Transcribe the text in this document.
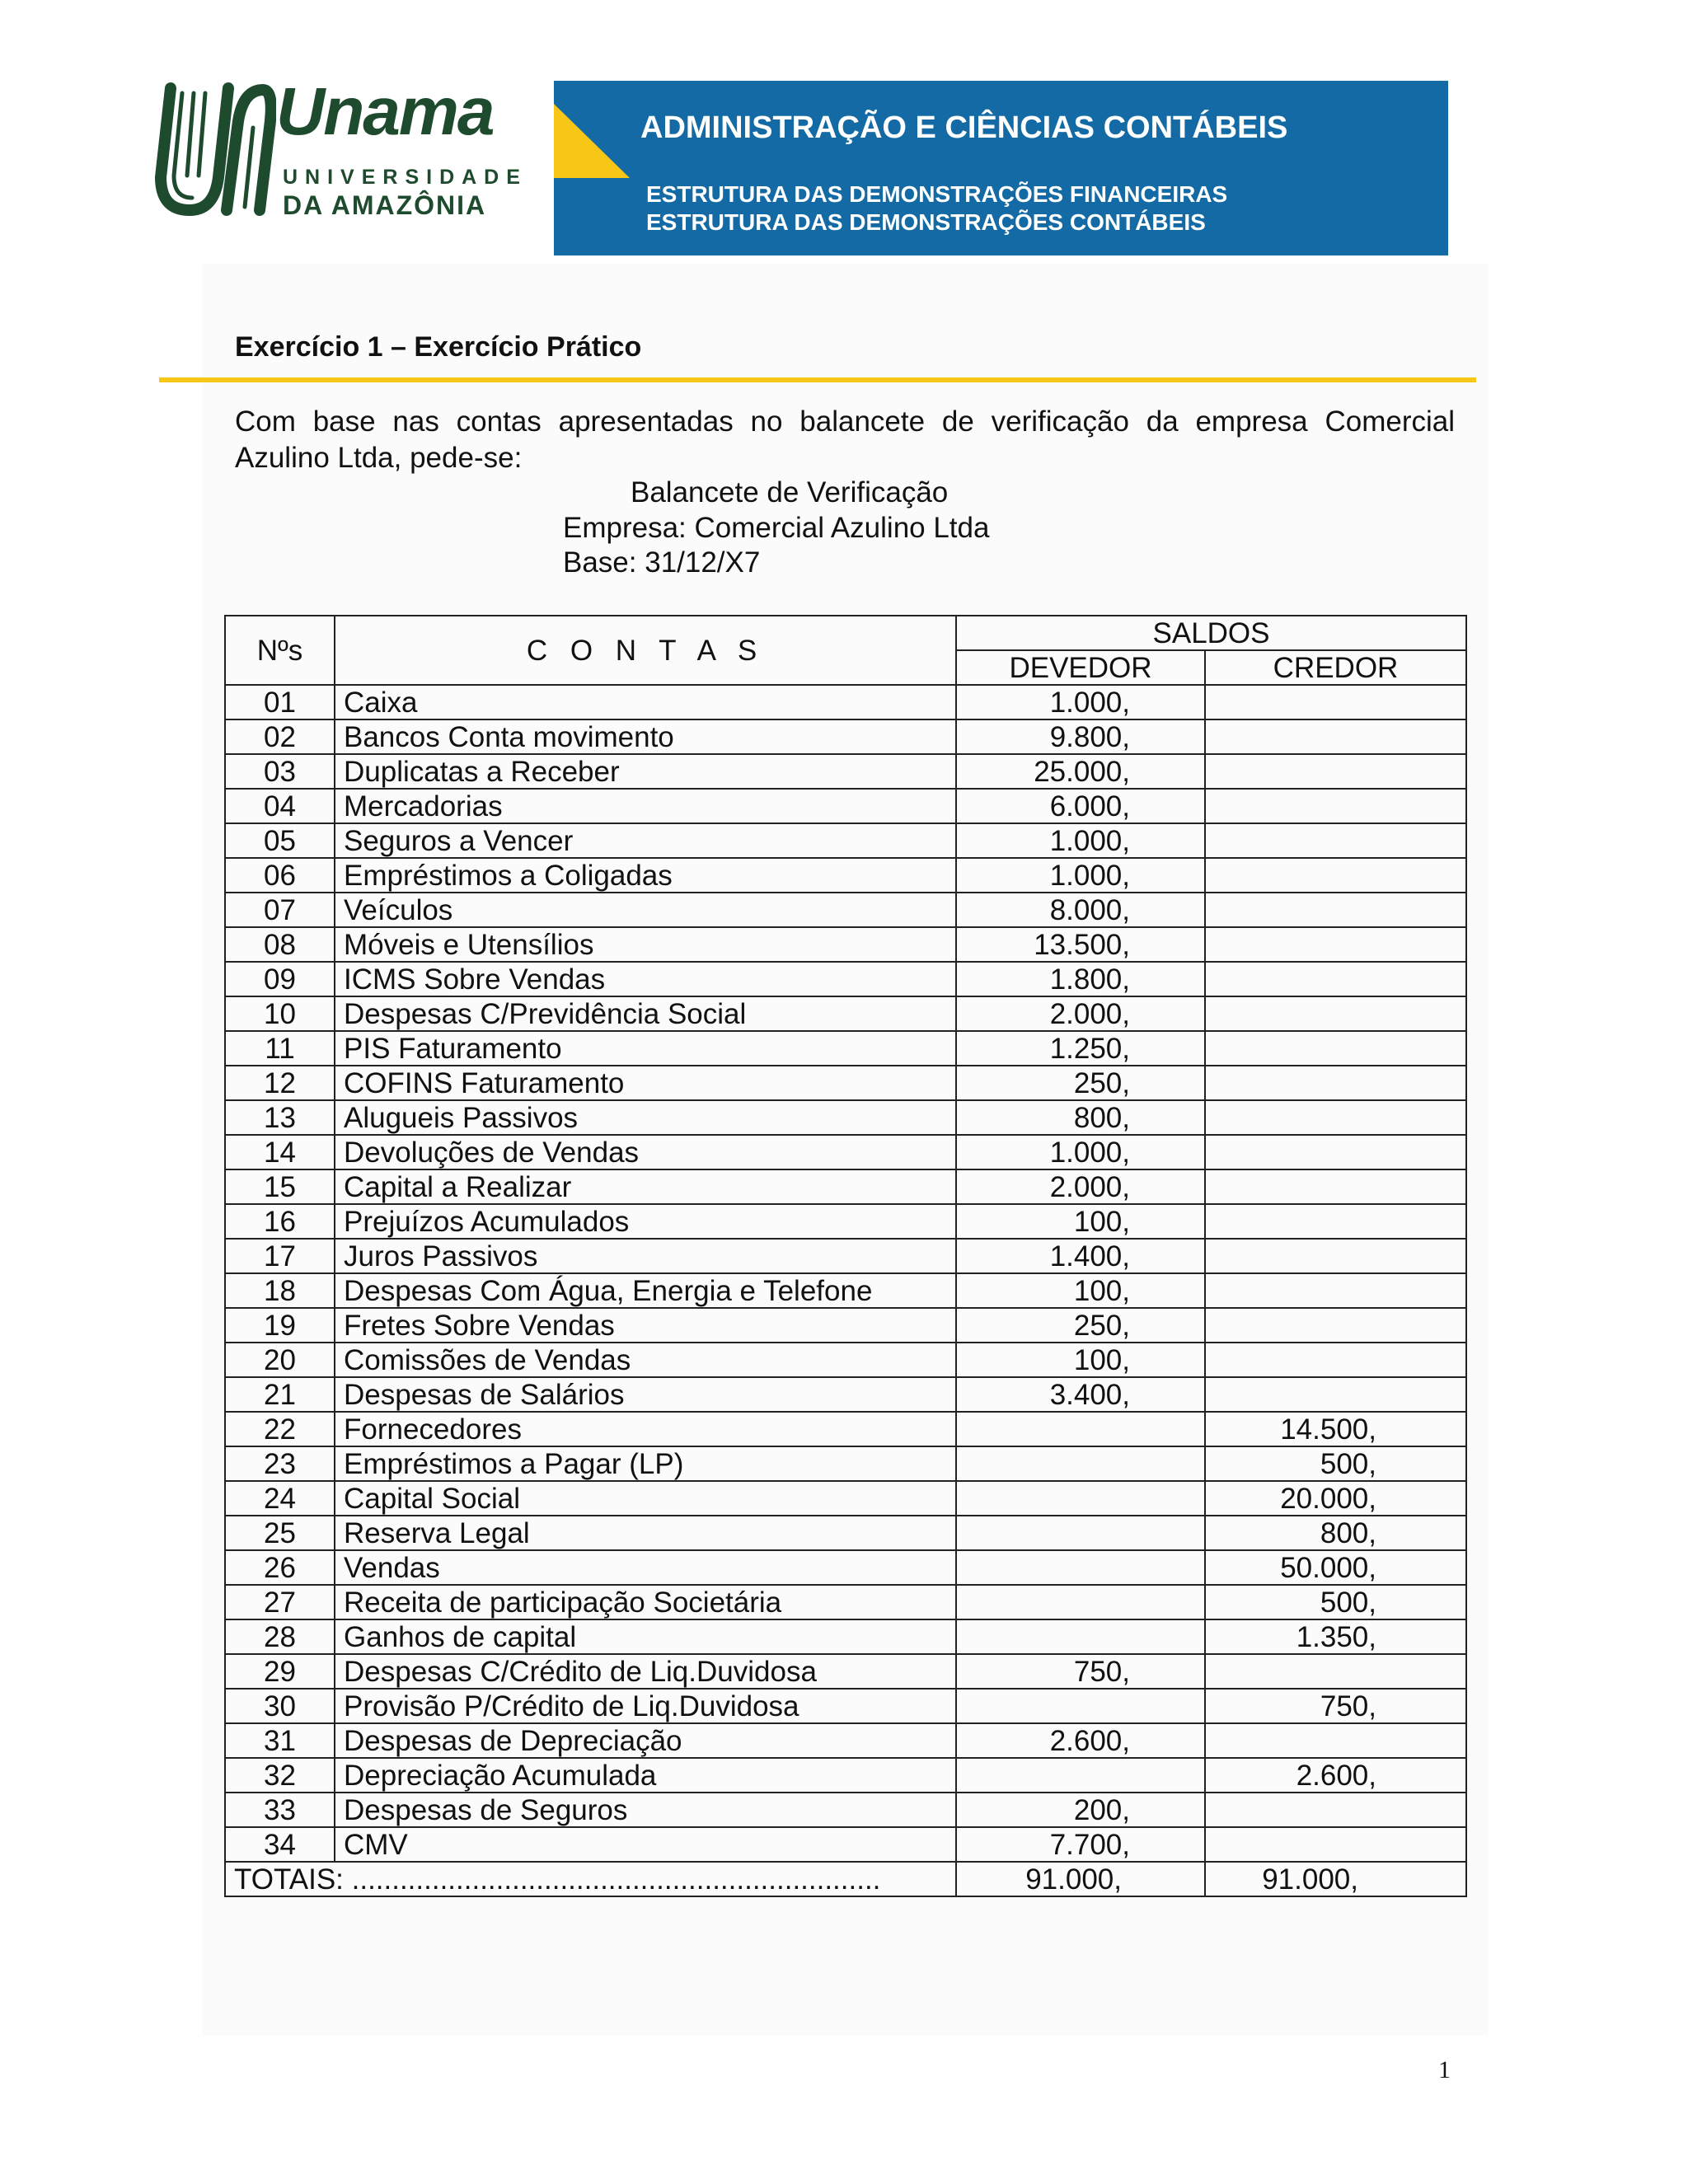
Unama
UNIVERSIDADE
DA AMAZÔNIA
ADMINISTRAÇÃO E CIÊNCIAS CONTÁBEIS
ESTRUTURA DAS DEMONSTRAÇÕES FINANCEIRAS
ESTRUTURA DAS DEMONSTRAÇÕES CONTÁBEIS
Exercício 1 – Exercício Prático

Com base nas contas apresentadas no balancete de verificação da empresa Comercial Azulino Ltda, pede-se:

Balancete de Verificação
Empresa: Comercial Azulino Ltda
Base: 31/12/X7
Nºs	C O N T A S	SALDOS	
		DEVEDOR	CREDOR
01	Caixa	1.000,	
02	Bancos Conta movimento	9.800,	
03	Duplicatas a Receber	25.000,	
04	Mercadorias	6.000,	
05	Seguros a Vencer	1.000,	
06	Empréstimos a Coligadas	1.000,	
07	Veículos	8.000,	
08	Móveis e Utensílios	13.500,	
09	ICMS Sobre Vendas	1.800,	
10	Despesas C/Previdência Social	2.000,	
11	PIS Faturamento	1.250,	
12	COFINS Faturamento	250,	
13	Alugueis Passivos	800,	
14	Devoluções de Vendas	1.000,	
15	Capital a Realizar	2.000,	
16	Prejuízos Acumulados	100,	
17	Juros Passivos	1.400,	
18	Despesas Com Água, Energia e Telefone	100,	
19	Fretes Sobre Vendas	250,	
20	Comissões de Vendas	100,	
21	Despesas de Salários	3.400,	
22	Fornecedores		14.500,
23	Empréstimos a Pagar (LP)		500,
24	Capital Social		20.000,
25	Reserva Legal		800,
26	Vendas		50.000,
27	Receita de participação Societária		500,
28	Ganhos de capital		1.350,
29	Despesas C/Crédito de Liq.Duvidosa	750,	
30	Provisão P/Crédito de Liq.Duvidosa		750,
31	Despesas de Depreciação	2.600,	
32	Depreciação Acumulada		2.600,
33	Despesas de Seguros	200,	
34	CMV	7.700,	
TOTAIS: ..................................................................		91.000,	91.000,
1
